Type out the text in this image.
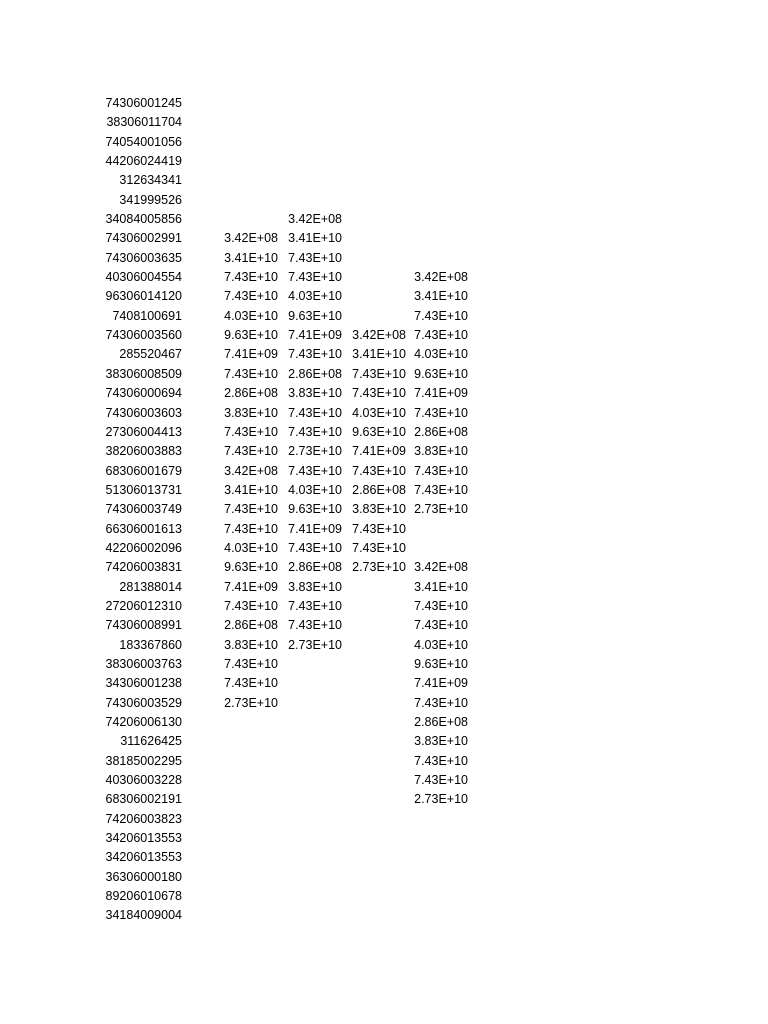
74306001245
38306011704
74054001056
44206024419
312634341
341999526
34084005856
74306002991
74306003635
40306004554
96306014120
7408100691
74306003560
285520467
38306008509
74306000694
74306003603
27306004413
38206003883
68306001679
51306013731
74306003749
66306001613
42206002096
74206003831
281388014
27206012310
74306008991
183367860
38306003763
34306001238
74306003529
74206006130
311626425
38185002295
40306003228
68306002191
74206003823
34206013553
34206013553
36306000180
89206010678
34184009004
3.42E+08
3.41E+10
7.43E+10
7.43E+10
4.03E+10
9.63E+10
7.41E+09
7.43E+10
2.86E+08
3.83E+10
7.43E+10
7.43E+10
3.42E+08
3.41E+10
7.43E+10
7.43E+10
4.03E+10
9.63E+10
7.41E+09
7.43E+10
2.86E+08
3.83E+10
7.43E+10
7.43E+10
2.73E+10
3.42E+08
3.41E+10
7.43E+10
7.43E+10
4.03E+10
9.63E+10
7.41E+09
7.43E+10
2.86E+08
3.83E+10
7.43E+10
7.43E+10
2.73E+10
7.43E+10
4.03E+10
9.63E+10
7.41E+09
7.43E+10
2.86E+08
3.83E+10
7.43E+10
7.43E+10
2.73E+10
3.42E+08
3.41E+10
7.43E+10
7.43E+10
4.03E+10
9.63E+10
7.41E+09
7.43E+10
2.86E+08
3.83E+10
7.43E+10
7.43E+10
2.73E+10
3.42E+08
3.41E+10
7.43E+10
7.43E+10
4.03E+10
9.63E+10
7.41E+09
7.43E+10
2.86E+08
3.83E+10
7.43E+10
7.43E+10
2.73E+10
3.42E+08
3.41E+10
7.43E+10
7.43E+10
4.03E+10
9.63E+10
7.41E+09
7.43E+10
2.86E+08
3.83E+10
7.43E+10
7.43E+10
2.73E+10
